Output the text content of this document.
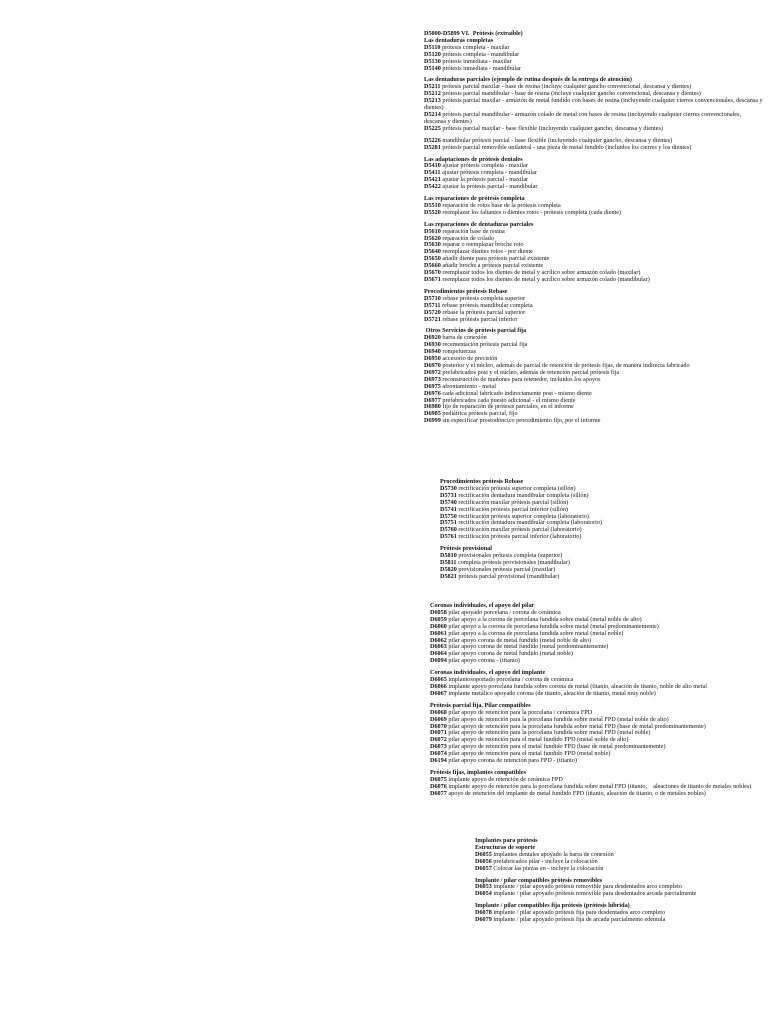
D5000-D5899 VI.  Prótesis (extraíble)
Las dentaduras completas
D5110 prótesis completa - maxilar
D5120 prótesis completa - mandibular
D5130 prótesis inmediata - maxilar
D5140 prótesis inmediata - mandibular
Las dentaduras parciales (ejemplo de rutina después de la entrega de atención)
D5211 prótesis parcial maxilar - base de resina (incluye cualquier gancho convencional, descansa y dientes)
D5212 prótesis parcial mandibular - base de resina (incluye cualquier gancho convencional, descansa y dientes)
D5213 prótesis parcial maxilar - armazón de metal fundido con bases de resina (incluyendo cualquier cierres convencionales, descansa y dientes)
D5214 prótesis parcial mandibular - armazón colado de metal con bases de resina (incluyendo cualquier cierres convencionales, descansa y dientes)
D5225 prótesis parcial maxilar - base flexible (incluyendo cualquier gancho, descansa y dientes)
D5226 mandibular prótesis parcial - base flexible (incluyendo cualquier gancho, descansa y dientes)
D5281 prótesis parcial removible unilateral - una pieza de metal fundido (incluidos los cierres y los dientes)
Las adaptaciones de prótesis dentales
D5410 ajustar prótesis completa - maxilar
D5411 ajustar prótesis completa - mandibular
D5421 ajustar la prótesis parcial - maxilar
D5422 ajustar la prótesis parcial - mandibular
Las reparaciones de prótesis completa
D5510 reparación de rotos base de la prótesis completa
D5520 reemplazar los faltantes o dientes rotos - prótesis completa (cada diente)
Las reparaciones de dentaduras parciales
D5610 reparación base de resina
D5620 reparación de colado
D5630 reparar o reemplazar broche roto
D5640 reemplazar dientes rotos - por diente
D5650 añadir diente para prótesis parcial existente
D5660 añadir broche a prótesis parcial existente
D5670 reemplazar todos los dientes de metal y acrílico sobre armazón colado (maxilar)
D5671 reemplazar todos los dientes de metal y acrílico sobre armazón colado (mandibular)
Procedimientos prótesis Rebase
D5710 rebase prótesis completa superior
D5711 rebase prótesis mandibular completa
D5720 rebase la prótesis parcial superior
D5721 rebase prótesis parcial inferior
Otros Servicios de prótesis parcial fija
D6920 barra de conexión
D6930 recementación prótesis parcial fija
D6940 rompefuerzas
D6950 accesorio de precisión
D6970 posterior y el núcleo, además de parcial de retención de prótesis fijas, de manera indirecta fabricado
D6972 prefabricados post y el núcleo, además de retención parcial prótesis fija
D6973 reconstrucción de muñones para retenedor, incluidos los apoyos
D6975 afrontamiento - metal
D6976 cada adicional fabricado indirectamente post - mismo diente
D6977 prefabricados cada puesto adicional - el mismo diente
D6980 fijo de reparación de prótesis parciales, en el informe
D6985 pediátrica prótesis parcial, fijo
D6999 sin especificar prostodóncico procedimiento fijo, por el informe
Procedimientos prótesis Rebase
D5730 rectificación prótesis superior completa (sillón)
D5731 rectificación dentadura mandibular completa (sillón)
D5740 rectificación maxilar prótesis parcial (sillón)
D5741 rectificación prótesis parcial inferior (sillón)
D5750 rectificación prótesis superior completa (laboratorio)
D5751 rectificación dentadura mandibular completa (laboratorio)
D5760 rectificación maxilar prótesis parcial (laboratorio)
D5761 rectificación prótesis parcial inferior (laboratorio)
Prótesis provisional
D5810 provisionales prótesis completa (superior)
D5811 completa prótesis provisionales (mandibular)
D5820 provisionales prótesis parcial (maxilar)
D5821 prótesis parcial provisional (mandibular)
Coronas individuales, el apoyo del pilar
D6058 pilar apoyado porcelana / corona de cerámica
D6059 pilar apoyo a la corona de porcelana fundida sobre metal (metal noble de alto)
D6060 pilar apoyo a la corona de porcelana fundida sobre metal (metal predominantemente)
D6061 pilar apoyo a la corona de porcelana fundida sobre metal (metal noble)
D6062 pilar apoyo corona de metal fundido (metal noble de alto)
D6063 pilar apoyo corona de metal fundido (metal predominantemente)
D6064 pilar apoyo corona de metal fundido (metal noble)
D6094 pilar apoyo corona - (titanio)
Coronas individuales, el apoyo del implante
D6065 implantosoportado porcelana / corona de cerámica
D6066 implante apoyo porcelana fundida sobre corona de metal (titanio, aleación de titanio, noble de alto metal
D6067 implante metálico apoyado corona (de titanio, aleación de titanio, metal muy noble)
Prótesis parcial fija, Pilar compatibles
D6068 pilar apoyo de retención para la porcelana / cerámica FPD
D6069 pilar apoyo de retención para la porcelana fundida sobre metal FPD (metal noble de alto)
D6070 pilar apoyo de retención para la porcelana fundida sobre metal FPD (base de metal predominantemente)
D6071 pilar apoyo de retención para la porcelana fundida sobre metal FPD (metal noble)
D6072 pilar apoyo de retención para el metal fundido FPD (metal noble de alto)
D6073 pilar apoyo de retención para el metal fundido FPD (base de metal predominantemente)
D6074 pilar apoyo de retención para el metal fundido FPD (metal noble)
D6194 pilar apoyo corona de retención para FPD - (titanio)
Prótesis fijas, implantes compatibles
D6075 implante apoyo de retención de cerámica FPD
D6076 implante apoyo de retención para la porcelana fundida sobre metal FPD (titanio,    aleaciones de titanio de metales nobles)
D6077 apoyo de retención del implante de metal fundido FPD (titanio, aleación de titanio, o de metales nobles)
Implantes para prótesis
Estructuras de soporte
D6055 implantes dentales apoyado la barra de conexión
D6056 prefabricados pilar - incluye la colocación
D6057 Colocar las piezas en - incluye la colocación
Implante / pilar compatibles prótesis removibles
D6053 implante / pilar apoyado prótesis removible para desdentados arco completo
D6054 implante / pilar apoyado prótesis removible para desdentados arcada parcialmente
Implante / pilar compatibles fija prótesis (prótesis híbrida)
D6078 implante / pilar apoyado prótesis fija para desdentados arco completo
D6079 implante / pilar apoyado prótesis fija de arcada parcialmente edéntula
